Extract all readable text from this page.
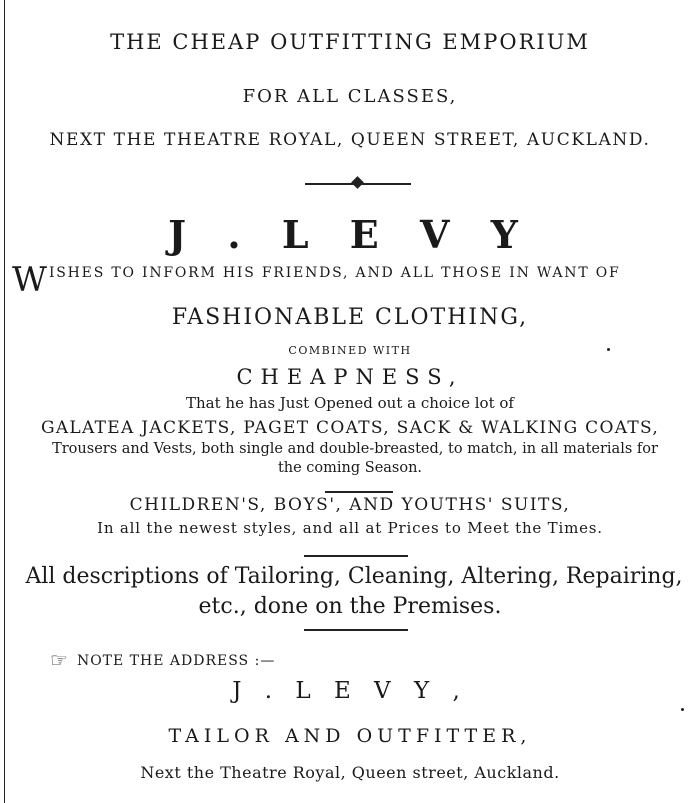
THE CHEAP OUTFITTING EMPORIUM
FOR ALL CLASSES,
NEXT THE THEATRE ROYAL, QUEEN STREET, AUCKLAND.
J . L E V Y
WISHES TO INFORM HIS FRIENDS, AND ALL THOSE IN WANT OF
FASHIONABLE CLOTHING,
COMBINED WITH
CHEAPNESS,
That he has Just Opened out a choice lot of
GALATEA JACKETS, PAGET COATS, SACK & WALKING COATS,
Trousers and Vests, both single and double-breasted, to match, in all materials for
the coming Season.
CHILDREN'S, BOYS', AND YOUTHS' SUITS,
In all the newest styles, and all at Prices to Meet the Times.
All descriptions of Tailoring, Cleaning, Altering, Repairing,
etc., done on the Premises.
☞ NOTE THE ADDRESS :—
J . L E V Y ,
TAILOR AND OUTFITTER,
Next the Theatre Royal, Queen street, Auckland.
